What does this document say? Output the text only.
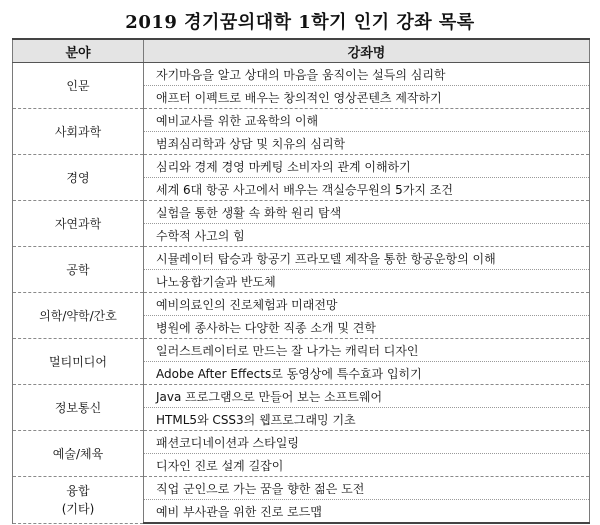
2019 경기꿈의대학 1학기 인기 강좌 목록
분야	강좌명
인문	자기마음을 알고 상대의 마음을 움직이는 설득의 심리학
	애프터 이펙트로 배우는 창의적인 영상콘텐츠 제작하기
사회과학	예비교사를 위한 교육학의 이해
	범죄심리학과 상담 및 치유의 심리학
경영	심리와 경제 경영 마케팅 소비자의 관계 이해하기
	세계 6대 항공 사고에서 배우는 객실승무원의 5가지 조건
자연과학	실험을 통한 생활 속 화학 원리 탐색
	수학적 사고의 힘
공학	시뮬레이터 탑승과 항공기 프라모델 제작을 통한 항공운항의 이해
	나노융합기술과 반도체
의학/약학/간호	예비의료인의 진로체험과 미래전망
	병원에 종사하는 다양한 직종 소개 및 견학
멀티미디어	일러스트레이터로 만드는 잘 나가는 캐릭터 디자인
	Adobe After Effects로 동영상에 특수효과 입히기
정보통신	Java 프로그램으로 만들어 보는 소프트웨어
	HTML5와 CSS3의 웹프로그래밍 기초
예술/체육	패션코디네이션과 스타일링
	디자인 진로 설계 길잡이
융합
(기타)	직업 군인으로 가는 꿈을 향한 젊은 도전
	예비 부사관을 위한 진로 로드맵
